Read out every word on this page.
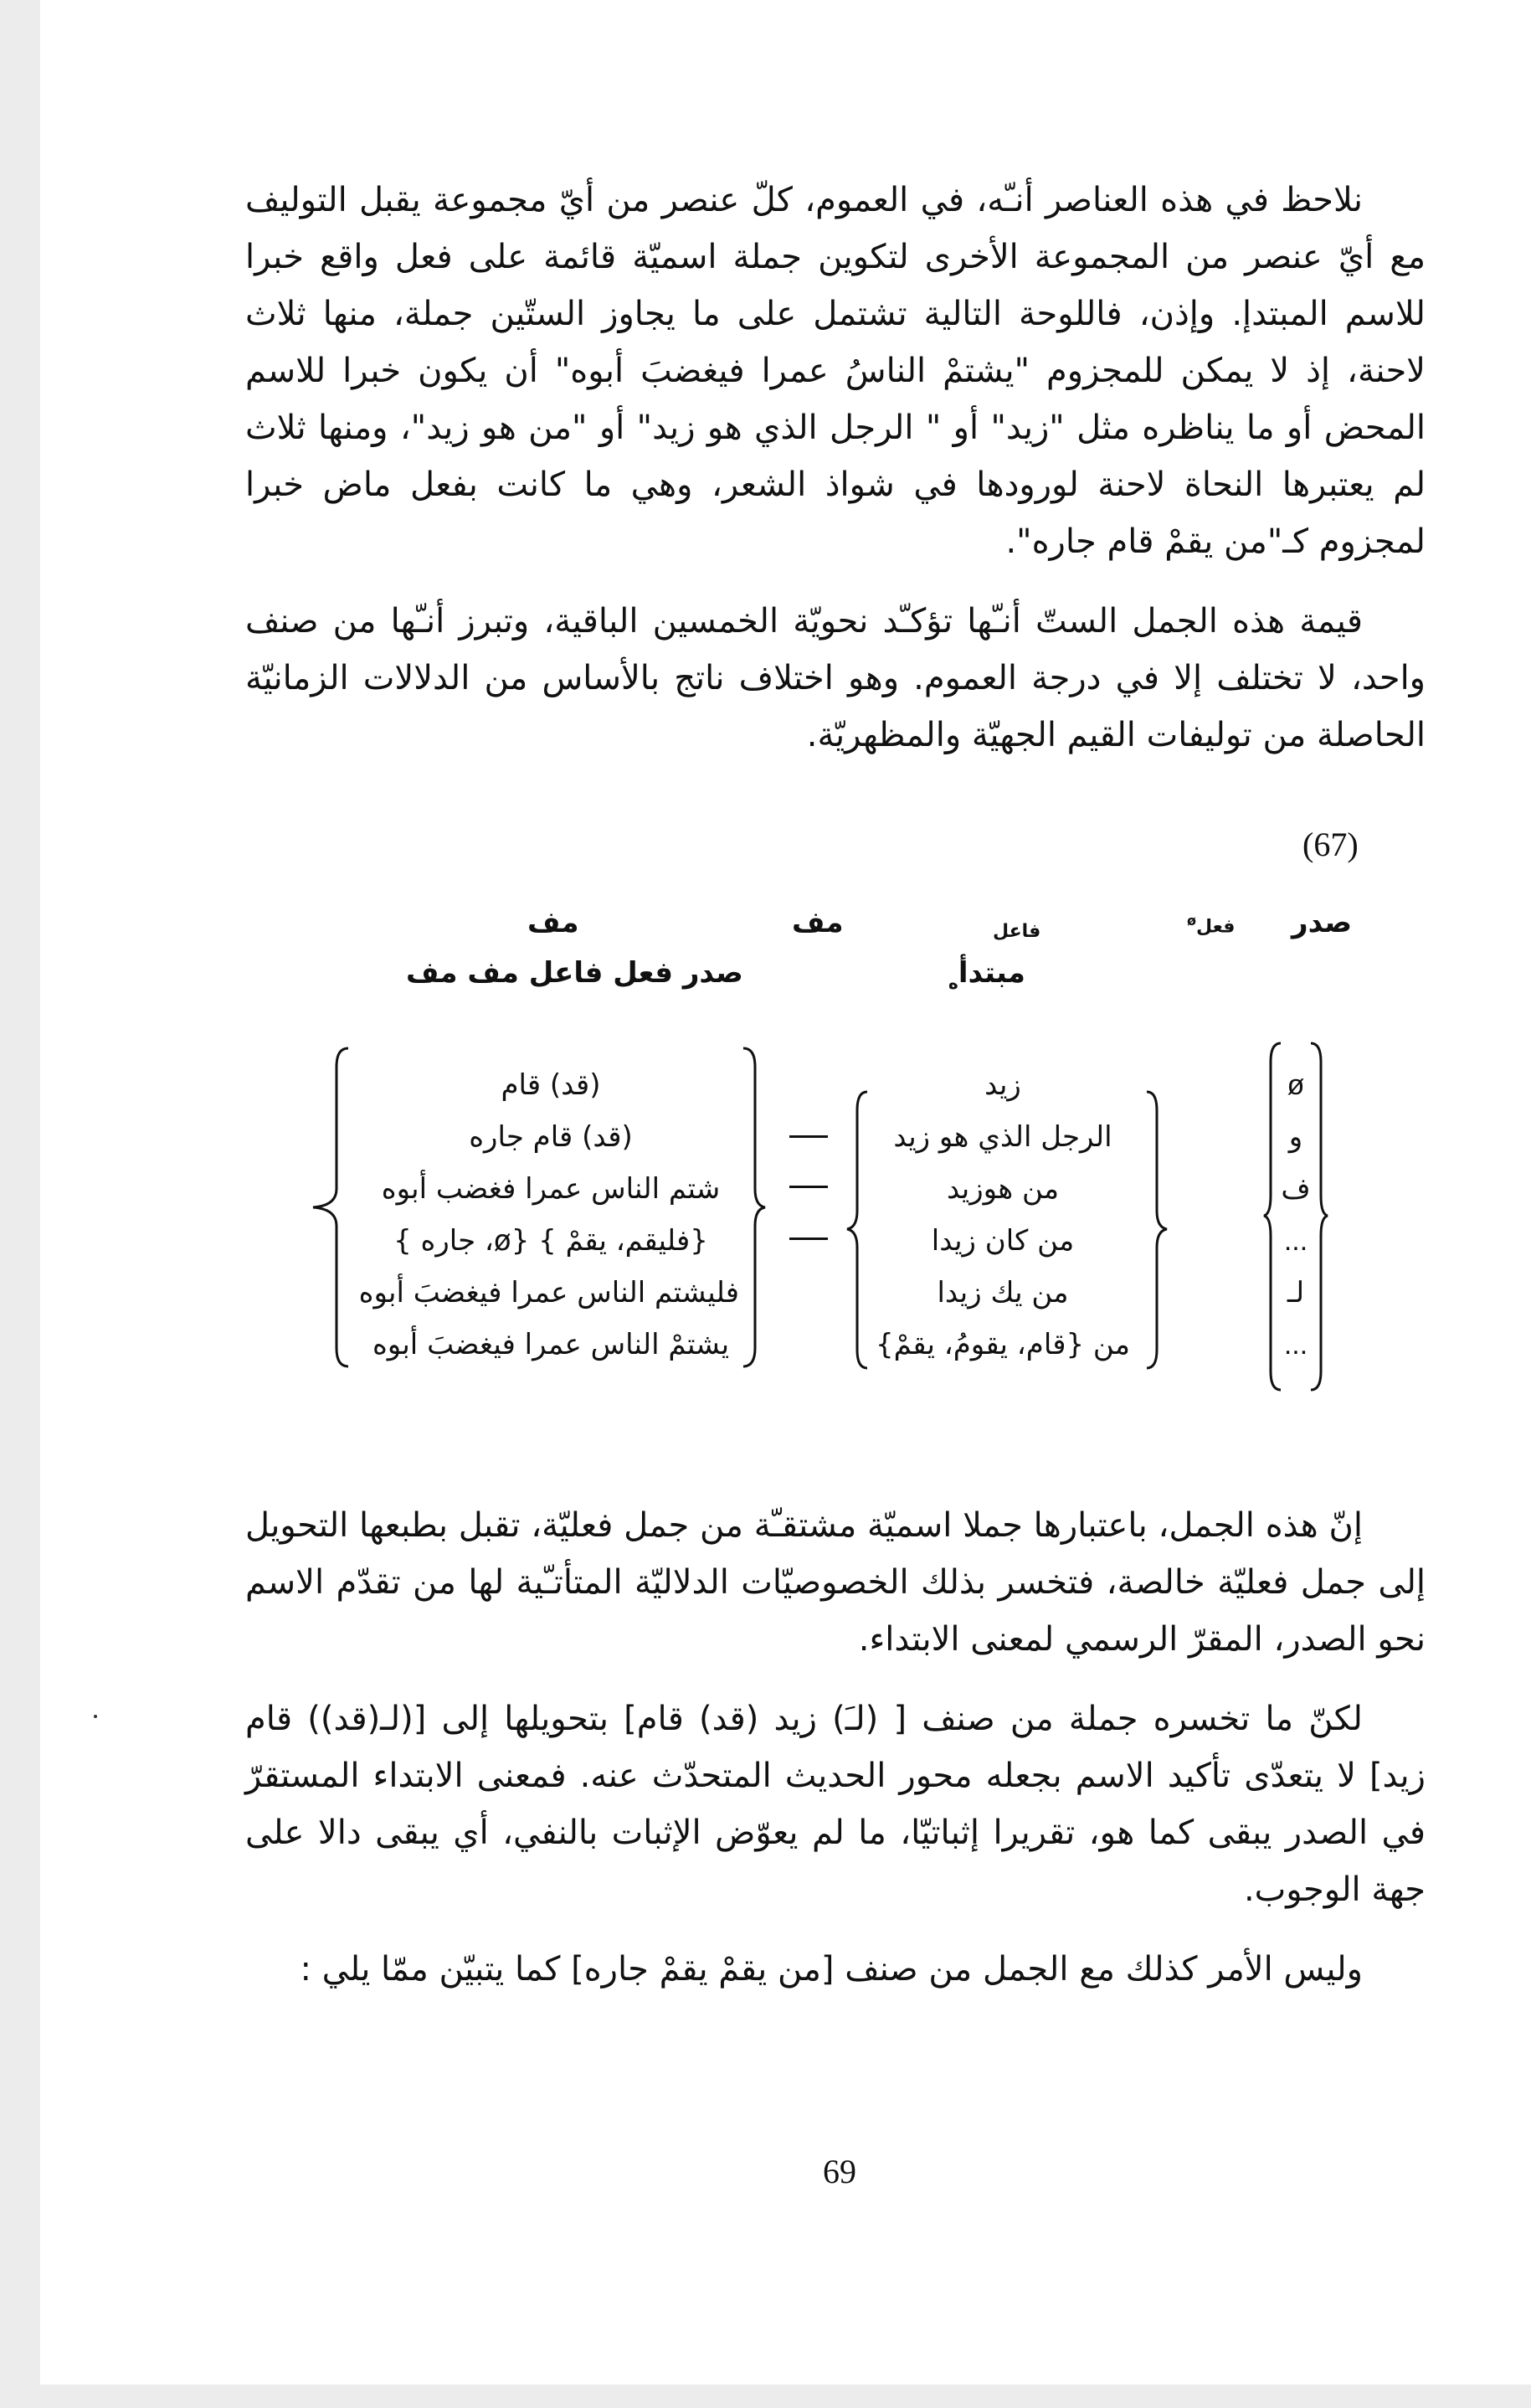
نلاحظ في هذه العناصر أنـّه، في العموم، كلّ عنصر من أيّ مجموعة يقبل التوليف مع أيّ عنصر من المجموعة الأخرى لتكوين جملة اسميّة قائمة على فعل واقع خبرا للاسم المبتدإ. وإذن، فاللوحة التالية تشتمل على ما يجاوز الستّين جملة، منها ثلاث لاحنة، إذ لا يمكن للمجزوم "يشتمْ الناسُ عمرا فيغضبَ أبوه" أن يكون خبرا للاسم المحض أو ما يناظره مثل "زيد" أو " الرجل الذي هو زيد" أو "من هو زيد"، ومنها ثلاث لم يعتبرها النحاة لاحنة لورودها في شواذ الشعر، وهي ما كانت بفعل ماض خبرا لمجزوم كـ"من يقمْ قام جاره".

قيمة هذه الجمل الستّ أنـّها تؤكـّد نحويّة الخمسين الباقية، وتبرز أنـّها من صنف واحد، لا تختلف إلا في درجة العموم. وهو اختلاف ناتج بالأساس من الدلالات الزمانيّة الحاصلة من توليفات القيم الجهيّة والمظهريّة.

(67)
صدر
فعل$^ø$
فاعل
مبتدأ$_ه$
مف
مف
صدر فعل فاعل مف مف
ø
و
ف
...
لـ
...
زيد
الرجل الذي هو زيد
من هوزيد
من كان زيدا
من يك زيدا
من {قام، يقومُ، يقمْ}
(قد) قام
(قد) قام جاره
شتم الناس عمرا فغضب أبوه
{فليقم، يقمْ } {ø، جاره }
فليشتم الناس عمرا فيغضبَ أبوه
يشتمْ الناس عمرا فيغضبَ أبوه

إنّ هذه الجمل، باعتبارها جملا اسميّة مشتقـّة من جمل فعليّة، تقبل بطبعها التحويل إلى جمل فعليّة خالصة، فتخسر بذلك الخصوصيّات الدلاليّة المتأتـّية لها من تقدّم الاسم نحو الصدر، المقرّ الرسمي لمعنى الابتداء.

لكنّ ما تخسره جملة من صنف [ (لـَ) زيد (قد) قام] بتحويلها إلى [(لـ(قد)) قام زيد] لا يتعدّى تأكيد الاسم بجعله محور الحديث المتحدّث عنه. فمعنى الابتداء المستقرّ في الصدر يبقى كما هو، تقريرا إثباتيّا، ما لم يعوّض الإثبات بالنفي، أي يبقى دالا على جهة الوجوب.

وليس الأمر كذلك مع الجمل من صنف [من يقمْ يقمْ جاره] كما يتبيّن ممّا يلي :

69
